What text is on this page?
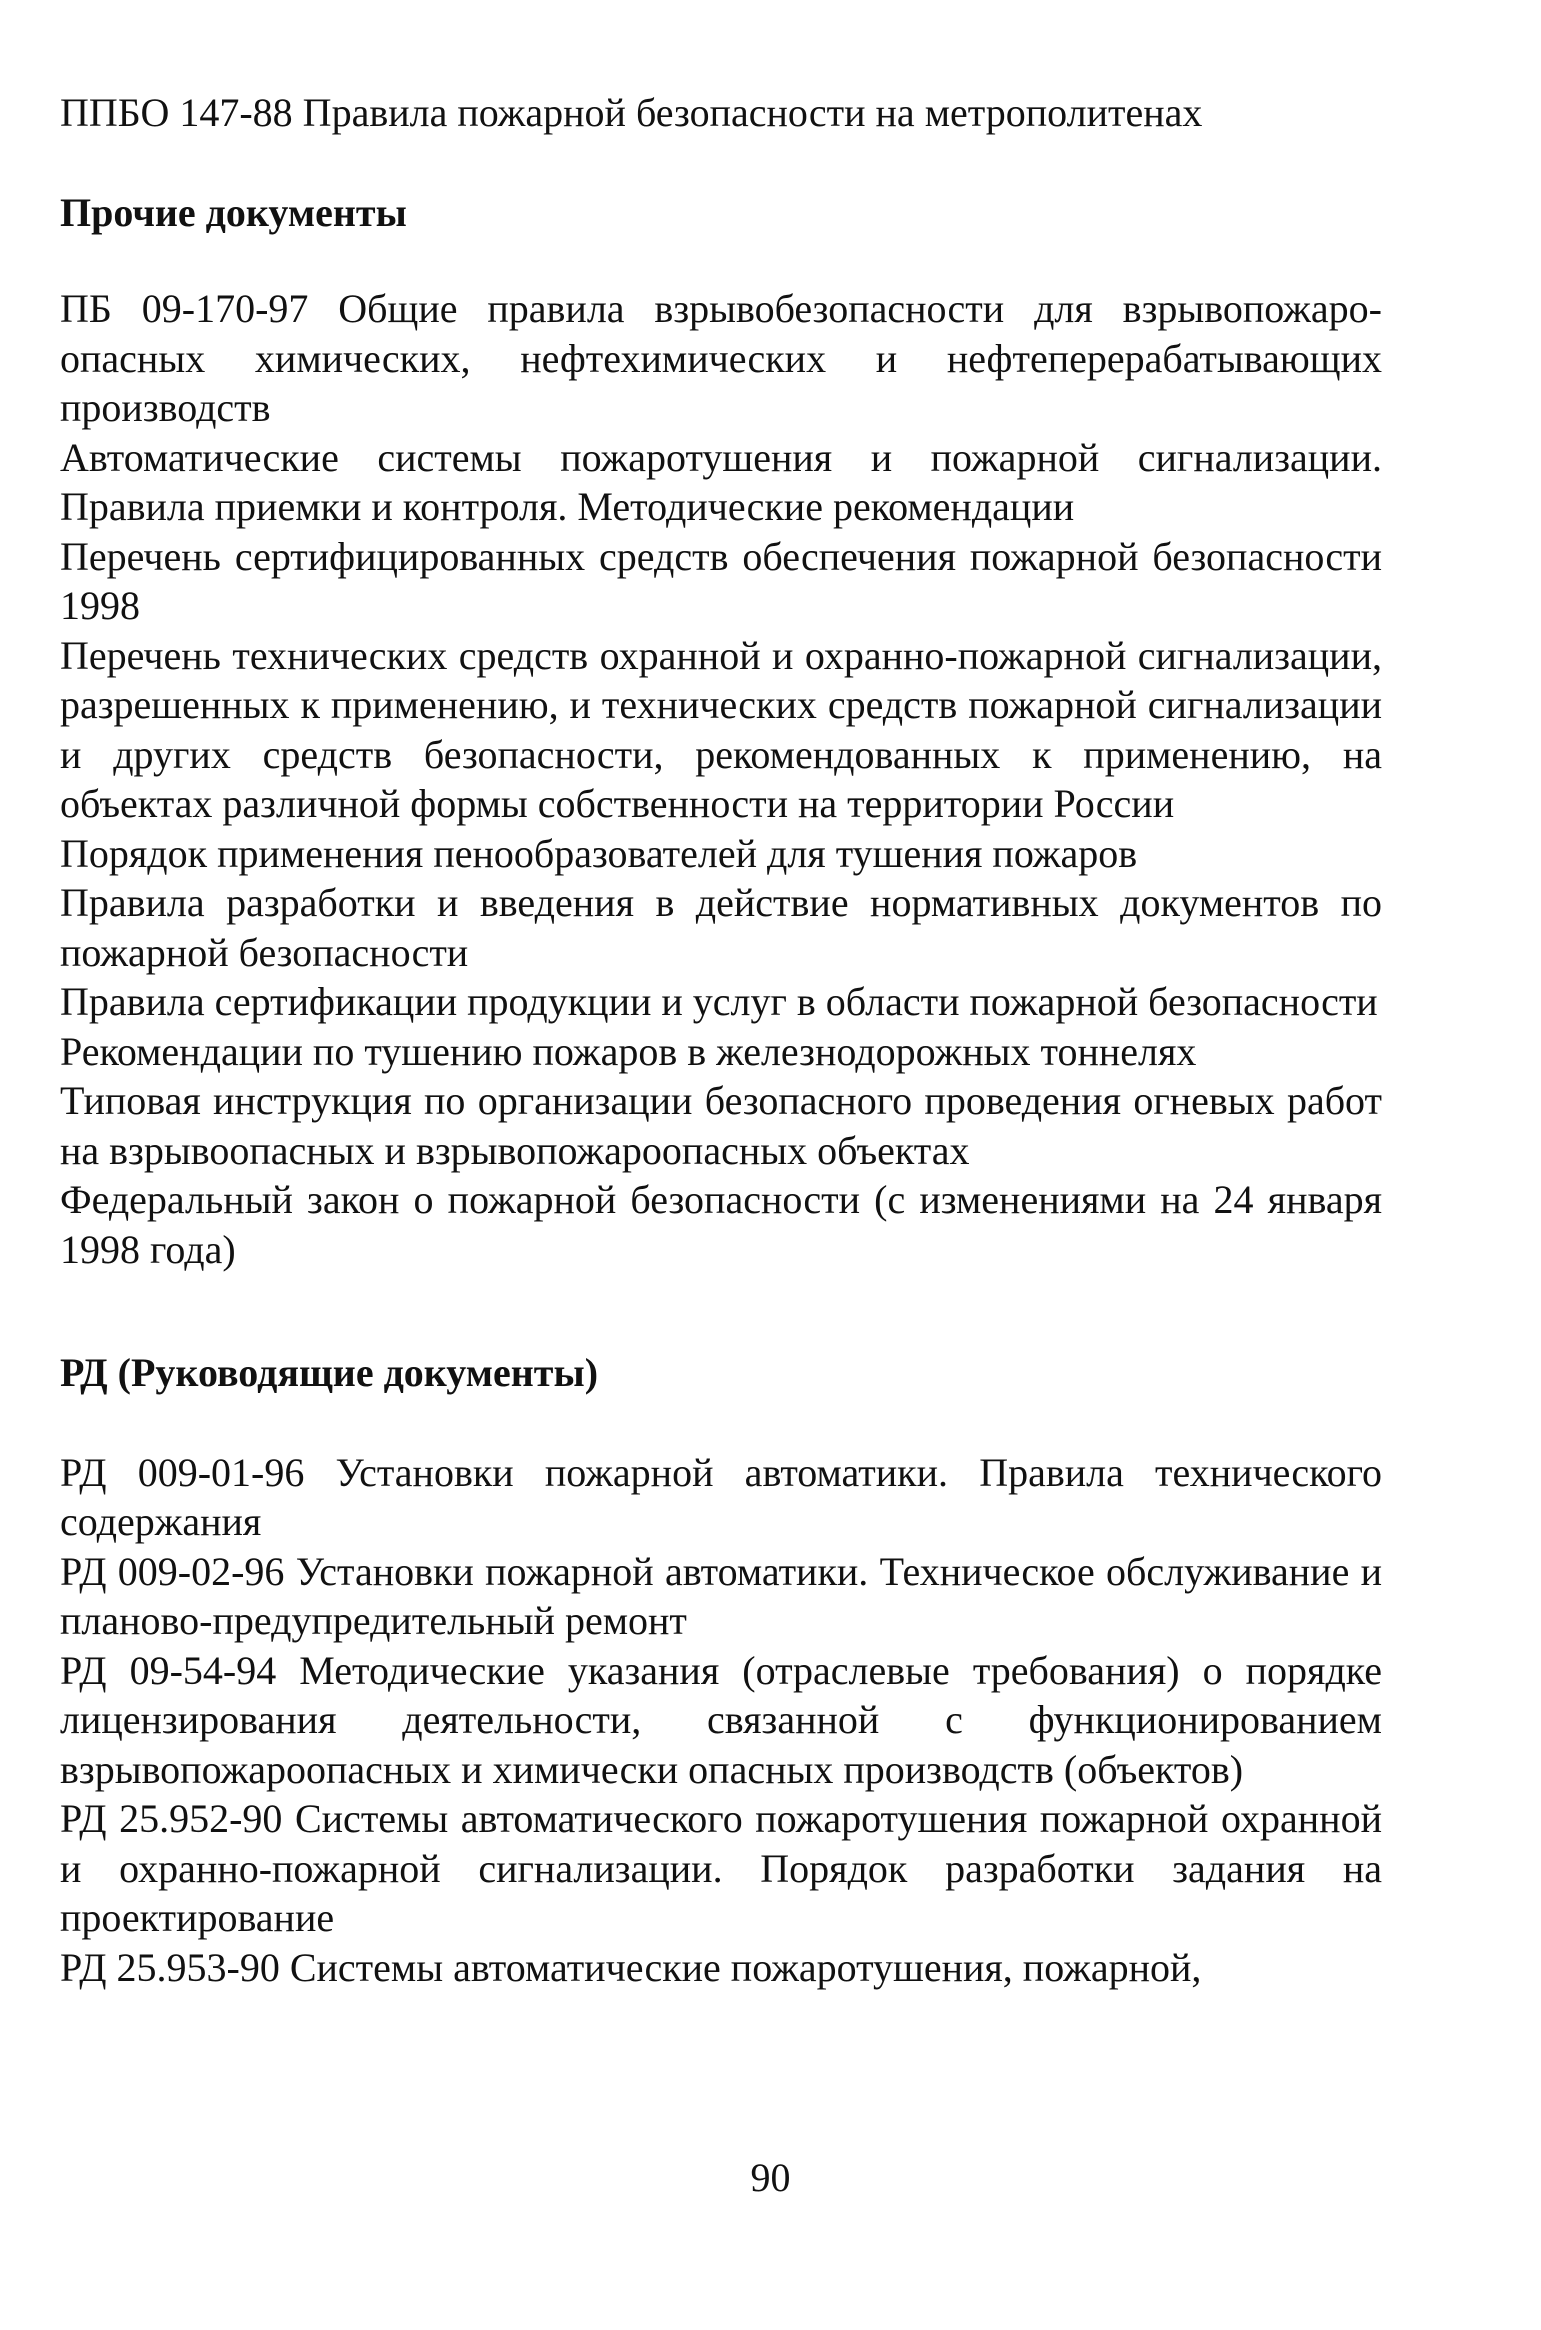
ППБО 147-88 Правила пожарной безопасности на метрополитенах

Прочие документы
ПБ 09-170-97 Общие правила взрывобезопасности для взрывопожароопасных химических, нефтехимических и нефтеперерабатывающих производств
Автоматические системы пожаротушения и пожарной сигнализации. Правила приемки и контроля. Методические рекомендации
Перечень сертифицированных средств обеспечения пожарной безопасности 1998
Перечень технических средств охранной и охранно-пожарной сигнализации, разрешенных к применению, и технических средств пожарной сигнализации и других средств безопасности, рекомендованных к применению, на объектах различной формы собственности на территории России
Порядок применения пенообразователей для тушения пожаров
Правила разработки и введения в действие нормативных документов по пожарной безопасности
Правила сертификации продукции и услуг в области пожарной безопасности
Рекомендации по тушению пожаров в железнодорожных тоннелях
Типовая инструкция по организации безопасного проведения огневых работ на взрывоопасных и взрывопожароопасных объектах
Федеральный закон о пожарной безопасности (с изменениями на 24 января 1998 года)
РД (Руководящие документы)
РД 009-01-96 Установки пожарной автоматики. Правила технического содержания
РД 009-02-96 Установки пожарной автоматики. Техническое обслуживание и планово-предупредительный ремонт
РД 09-54-94 Методические указания (отраслевые требования) о порядке лицензирования деятельности, связанной с функционированием взрывопожароопасных и химически опасных производств (объектов)
РД 25.952-90 Системы автоматического пожаротушения пожарной охранной и охранно-пожарной сигнализации. Порядок разработки задания на проектирование
РД 25.953-90 Системы автоматические пожаротушения, пожарной,
90
